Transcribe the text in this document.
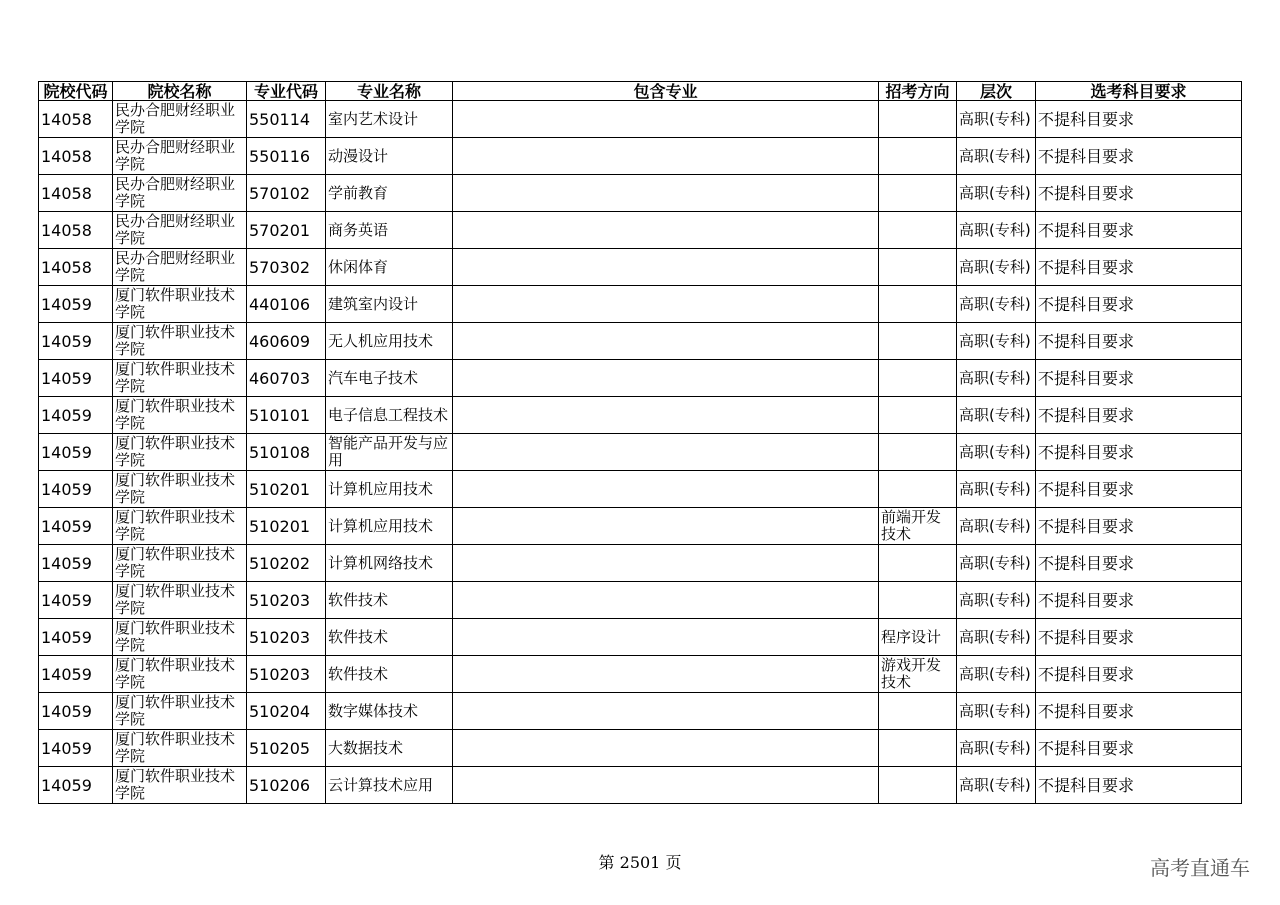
院校代码	院校名称	专业代码	专业名称	包含专业	招考方向	层次	选考科目要求
14058	民办合肥财经职业学院	550114	室内艺术设计			高职(专科)	不提科目要求
14058	民办合肥财经职业学院	550116	动漫设计			高职(专科)	不提科目要求
14058	民办合肥财经职业学院	570102	学前教育			高职(专科)	不提科目要求
14058	民办合肥财经职业学院	570201	商务英语			高职(专科)	不提科目要求
14058	民办合肥财经职业学院	570302	休闲体育			高职(专科)	不提科目要求
14059	厦门软件职业技术学院	440106	建筑室内设计			高职(专科)	不提科目要求
14059	厦门软件职业技术学院	460609	无人机应用技术			高职(专科)	不提科目要求
14059	厦门软件职业技术学院	460703	汽车电子技术			高职(专科)	不提科目要求
14059	厦门软件职业技术学院	510101	电子信息工程技术			高职(专科)	不提科目要求
14059	厦门软件职业技术学院	510108	智能产品开发与应用			高职(专科)	不提科目要求
14059	厦门软件职业技术学院	510201	计算机应用技术			高职(专科)	不提科目要求
14059	厦门软件职业技术学院	510201	计算机应用技术		前端开发技术	高职(专科)	不提科目要求
14059	厦门软件职业技术学院	510202	计算机网络技术			高职(专科)	不提科目要求
14059	厦门软件职业技术学院	510203	软件技术			高职(专科)	不提科目要求
14059	厦门软件职业技术学院	510203	软件技术		程序设计	高职(专科)	不提科目要求
14059	厦门软件职业技术学院	510203	软件技术		游戏开发技术	高职(专科)	不提科目要求
14059	厦门软件职业技术学院	510204	数字媒体技术			高职(专科)	不提科目要求
14059	厦门软件职业技术学院	510205	大数据技术			高职(专科)	不提科目要求
14059	厦门软件职业技术学院	510206	云计算技术应用			高职(专科)	不提科目要求
第 2501 页	高考直通车
